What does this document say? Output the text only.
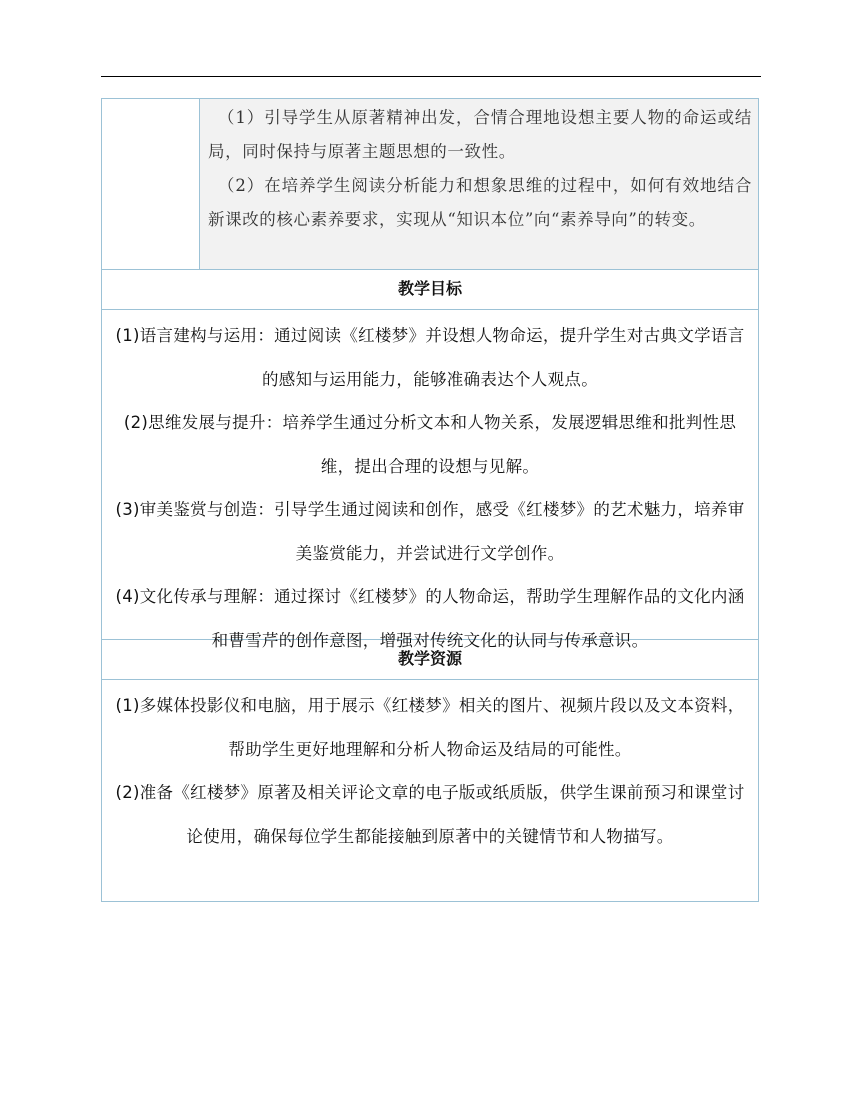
（1）引导学生从原著精神出发，合情合理地设想主要人物的命运或结局，同时保持与原著主题思想的一致性。

（2）在培养学生阅读分析能力和想象思维的过程中，如何有效地结合新课改的核心素养要求，实现从“知识本位”向“素养导向”的转变。

教学目标

(1)语言建构与运用：通过阅读《红楼梦》并设想人物命运，提升学生对古典文学语言的感知与运用能力，能够准确表达个人观点。

(2)思维发展与提升：培养学生通过分析文本和人物关系，发展逻辑思维和批判性思维，提出合理的设想与见解。

(3)审美鉴赏与创造：引导学生通过阅读和创作，感受《红楼梦》的艺术魅力，培养审美鉴赏能力，并尝试进行文学创作。

(4)文化传承与理解：通过探讨《红楼梦》的人物命运，帮助学生理解作品的文化内涵和曹雪芹的创作意图，增强对传统文化的认同与传承意识。

教学资源

(1)多媒体投影仪和电脑，用于展示《红楼梦》相关的图片、视频片段以及文本资料，帮助学生更好地理解和分析人物命运及结局的可能性。

(2)准备《红楼梦》原著及相关评论文章的电子版或纸质版，供学生课前预习和课堂讨论使用，确保每位学生都能接触到原著中的关键情节和人物描写。
